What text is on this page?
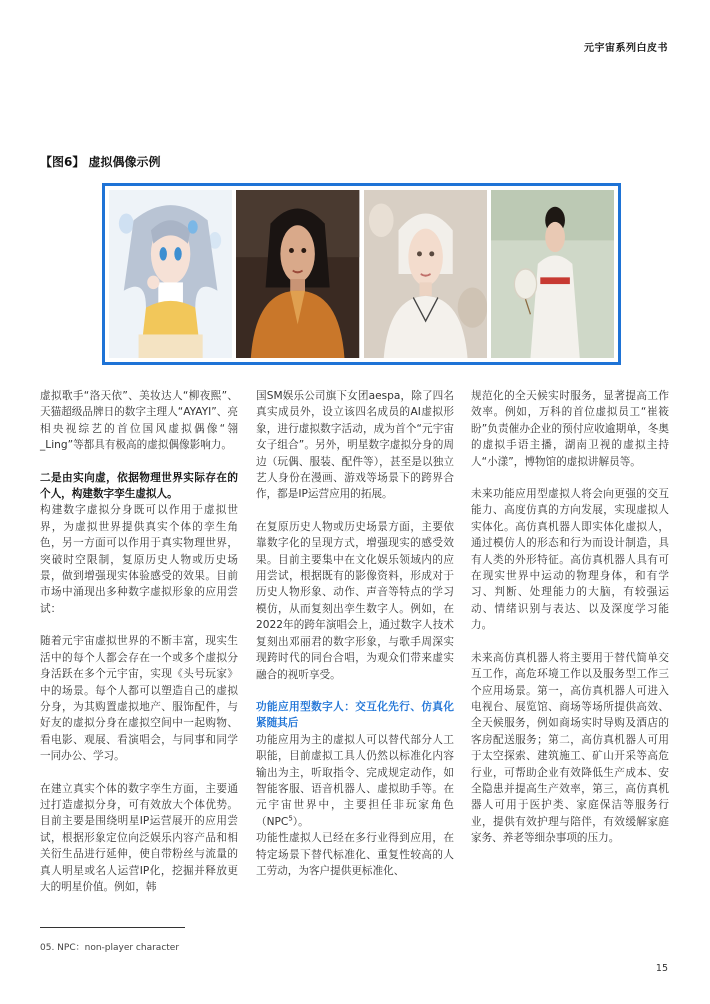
元宇宙系列白皮书
【图6】 虚拟偶像示例

虚拟歌手“洛天依”、美妆达人“柳夜熙”、天猫超级品牌日的数字主理人“AYAYI”、亮相央视综艺的首位国风虚拟偶像“翎_Ling”等都具有极高的虚拟偶像影响力。

二是由实向虚，依据物理世界实际存在的个人，构建数字孪生虚拟人。

构建数字虚拟分身既可以作用于虚拟世界，为虚拟世界提供真实个体的孪生角色，另一方面可以作用于真实物理世界，突破时空限制，复原历史人物或历史场景，做到增强现实体验感受的效果。目前市场中涌现出多种数字虚拟形象的应用尝试：

随着元宇宙虚拟世界的不断丰富，现实生活中的每个人都会存在一个或多个虚拟分身活跃在多个元宇宙，实现《头号玩家》中的场景。每个人都可以塑造自己的虚拟分身，为其购置虚拟地产、服饰配件，与好友的虚拟分身在虚拟空间中一起购物、看电影、观展、看演唱会，与同事和同学一同办公、学习。

在建立真实个体的数字孪生方面，主要通过打造虚拟分身，可有效放大个体优势。目前主要是围绕明星IP运营展开的应用尝试，根据形象定位向泛娱乐内容产品和相关衍生品进行延伸，使自带粉丝与流量的真人明星或名人运营IP化，挖掘并释放更大的明星价值。例如，韩

国SM娱乐公司旗下女团aespa，除了四名真实成员外，设立该四名成员的AI虚拟形象，进行虚拟数字活动，成为首个“元宇宙女子组合”。另外，明星数字虚拟分身的周边（玩偶、服装、配件等），甚至是以独立艺人身份在漫画、游戏等场景下的跨界合作，都是IP运营应用的拓展。

在复原历史人物或历史场景方面，主要依靠数字化的呈现方式，增强现实的感受效果。目前主要集中在文化娱乐领域内的应用尝试，根据既有的影像资料，形成对于历史人物形象、动作、声音等特点的学习模仿，从而复刻出孪生数字人。例如，在2022年的跨年演唱会上，通过数字人技术复刻出邓丽君的数字形象，与歌手周深实现跨时代的同台合唱，为观众们带来虚实融合的视听享受。

功能应用型数字人：交互化先行、仿真化紧随其后

功能应用为主的虚拟人可以替代部分人工职能，目前虚拟工具人仍然以标准化内容输出为主，听取指令、完成规定动作，如智能客服、语音机器人、虚拟助手等。在元宇宙世界中，主要担任非玩家角色（NPC$^5$）。

功能性虚拟人已经在多行业得到应用，在特定场景下替代标准化、重复性较高的人工劳动，为客户提供更标准化、

规范化的全天候实时服务，显著提高工作效率。例如，万科的首位虚拟员工“崔筱盼”负责催办企业的预付应收逾期单，冬奥的虚拟手语主播，湖南卫视的虚拟主持人“小漾”，博物馆的虚拟讲解员等。

未来功能应用型虚拟人将会向更强的交互能力、高度仿真的方向发展，实现虚拟人实体化。高仿真机器人即实体化虚拟人，通过模仿人的形态和行为而设计制造，具有人类的外形特征。高仿真机器人具有可在现实世界中运动的物理身体，和有学习、判断、处理能力的大脑，有较强运动、情绪识别与表达、以及深度学习能力。

未来高仿真机器人将主要用于替代简单交互工作，高危环境工作以及服务型工作三个应用场景。第一，高仿真机器人可进入电视台、展览馆、商场等场所提供高效、全天候服务，例如商场实时导购及酒店的客房配送服务；第二，高仿真机器人可用于太空探索、建筑施工、矿山开采等高危行业，可帮助企业有效降低生产成本、安全隐患并提高生产效率，第三，高仿真机器人可用于医护类、家庭保洁等服务行业，提供有效护理与陪伴，有效缓解家庭家务、养老等细杂事项的压力。

05. NPC：non-player character
15
